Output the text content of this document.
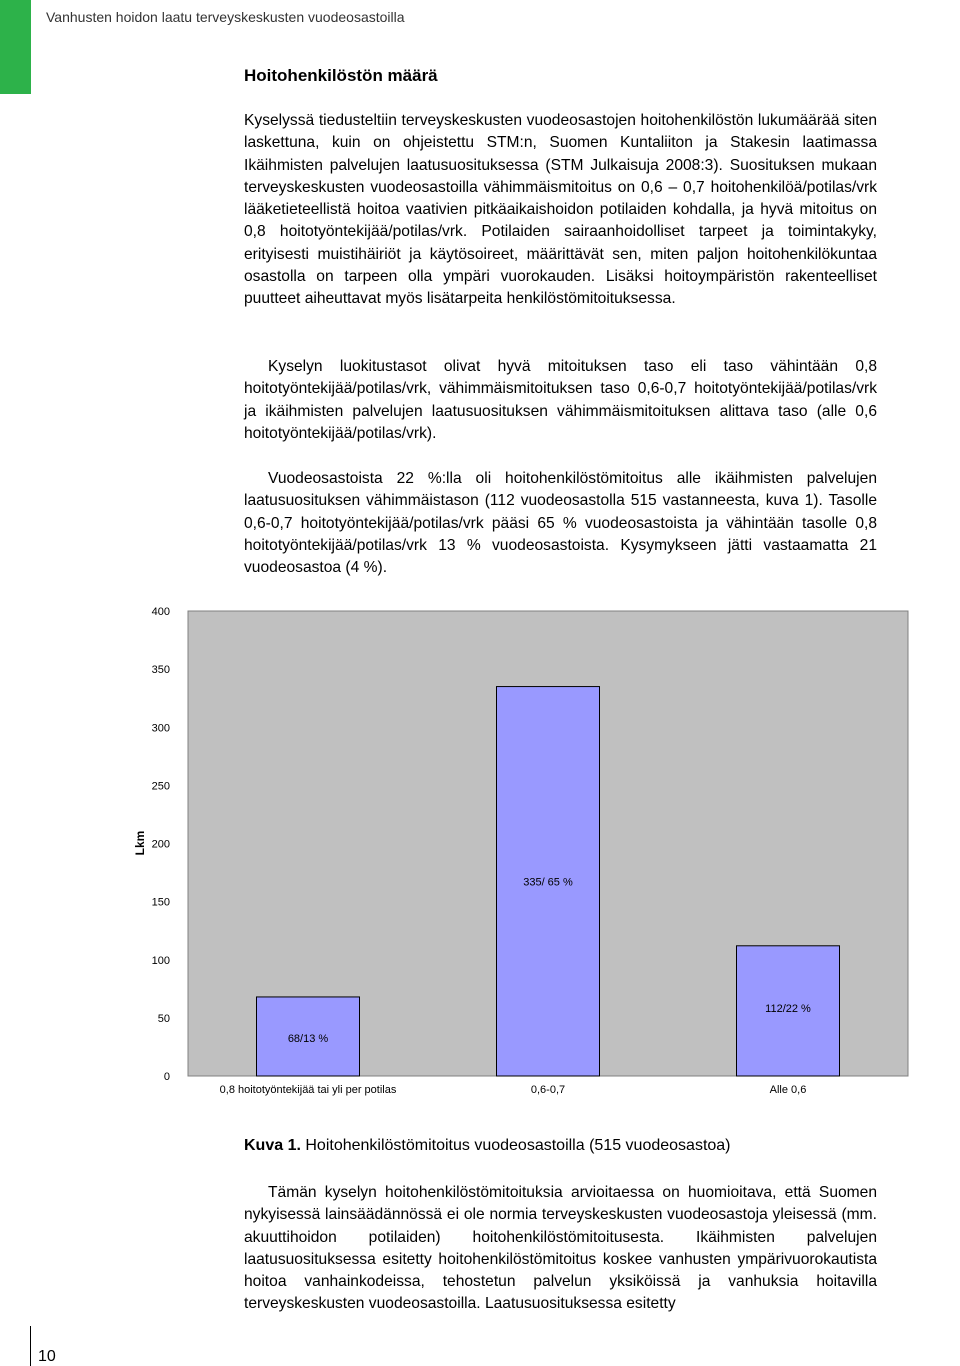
Vanhusten hoidon laatu terveyskeskusten vuodeosastoilla
Hoitohenkilöstön määrä

Kyselyssä tiedusteltiin terveyskeskusten vuodeosastojen hoitohenkilöstön lukumäärää siten laskettuna, kuin on ohjeistettu STM:n, Suomen Kuntaliiton ja Stakesin laatimassa Ikäihmisten palvelujen laatusuosituksessa (STM Julkaisuja 2008:3). Suosituksen mukaan terveyskeskusten vuodeosastoilla vähimmäismitoitus on 0,6 – 0,7 hoitohenkilöä/potilas/vrk lääketieteellistä hoitoa vaativien pitkäaikaishoidon potilaiden kohdalla, ja hyvä mitoitus on 0,8 hoitotyöntekijää/potilas/vrk. Potilaiden sairaanhoidolliset tarpeet ja toimintakyky, erityisesti muistihäiriöt ja käytösoireet, määrittävät sen, miten paljon hoitohenkilökuntaa osastolla on tarpeen olla ympäri vuorokauden. Lisäksi hoitoympäristön rakenteelliset puutteet aiheuttavat myös lisätarpeita henkilöstömitoituksessa.

Kyselyn luokitustasot olivat hyvä mitoituksen taso eli taso vähintään 0,8 hoitotyöntekijää/potilas/vrk, vähimmäismitoituksen taso 0,6-0,7 hoitotyöntekijää/potilas/vrk ja ikäihmisten palvelujen laatusuosituksen vähimmäismitoituksen alittava taso (alle 0,6 hoitotyöntekijää/potilas/vrk).

Vuodeosastoista 22 %:lla oli hoitohenkilöstömitoitus alle ikäihmisten palvelujen laatusuosituksen vähimmäistason (112 vuodeosastolla 515 vastanneesta, kuva 1). Tasolle 0,6-0,7 hoitotyöntekijää/potilas/vrk pääsi 65 % vuodeosastoista ja vähintään tasolle 0,8 hoitotyöntekijää/potilas/vrk 13 % vuodeosastoista. Kysymykseen jätti vastaamatta 21 vuodeosastoa (4 %).

0
50
100
150
200
250
300
350
400
68/13 %
335/ 65 %
112/22 %
0,8 hoitotyöntekijää tai yli per potilas	0,6-0,7	Alle 0,6
Lkm
Kuva 1. Hoitohenkilöstömitoitus vuodeosastoilla (515 vuodeosastoa)

Tämän kyselyn hoitohenkilöstömitoituksia arvioitaessa on huomioitava, että Suomen nykyisessä lainsäädännössä ei ole normia terveyskeskusten vuodeosastoja yleisessä (mm. akuuttihoidon potilaiden) hoitohenkilöstömitoitusesta. Ikäihmisten palvelujen laatusuosituksessa esitetty hoitohenkilöstömitoitus koskee vanhusten ympärivuorokautista hoitoa vanhainkodeissa, tehostetun palvelun yksiköissä ja vanhuksia hoitavilla terveyskeskusten vuodeosastoilla. Laatusuosituksessa esitetty

10
